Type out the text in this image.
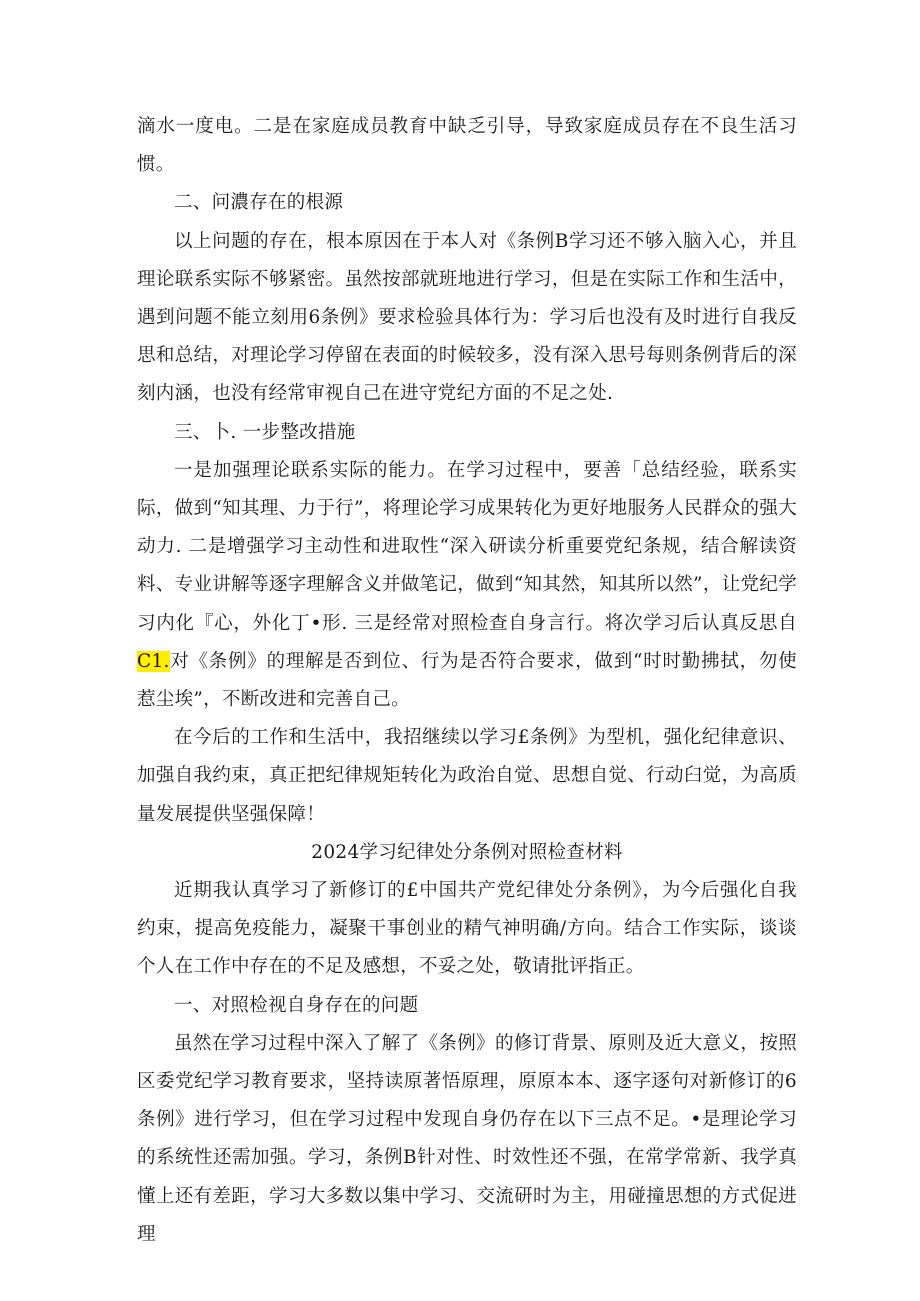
滴水一度电。二是在家庭成员教育中缺乏引导，导致家庭成员存在不良生活习惯。

二、问濃存在的根源

以上问题的存在，根本原因在于本人对《条例B学习还不够入脑入心，并且理论联系实际不够紧密。虽然按部就班地进行学习，但是在实际工作和生活中，遇到问题不能立刻用6条例》要求检验具体行为：学习后也没有及时进行自我反思和总结，对理论学习停留在表面的时候较多，没有深入思号每则条例背后的深刻内涵，也没有经常审视自己在进守党纪方面的不足之处.

三、卜. 一步整改措施

一是加强理论联系实际的能力。在学习过程中，要善「总结经验，联系实际，做到“知其理、力于行”，将理论学习成果转化为更好地服务人民群众的强大动力. 二是增强学习主动性和进取性“深入研读分析重要党纪条规，结合解读资料、专业讲解等逐字理解含义并做笔记，做到“知其然，知其所以然”，让党纪学习内化『心，外化丁•形. 三是经常对照检查自身言行。将次学习后认真反思自C1.对《条例》的理解是否到位、行为是否符合要求，做到“时时勤拂拭，勿使惹尘埃”，不断改进和完善自己。

在今后的工作和生活中，我招继续以学习£条例》为型机，强化纪律意识、加强自我约束，真正把纪律规矩转化为政治自觉、思想自觉、行动臼觉，为高质量发展提供坚强保障！

2024学习纪律处分条例对照检查材料

近期我认真学习了新修订的£中国共产党纪律处分条例》，为今后强化自我约束，提高免疫能力，凝聚干事创业的精气神明确/方向。结合工作实际，谈谈个人在工作中存在的不足及感想，不妥之处，敬请批评指正。

一、对照检视自身存在的问题

虽然在学习过程中深入了解了《条例》的修订背景、原则及近大意义，按照区委党纪学习教育要求，坚持读原著悟原理，原原本本、逐字逐句对新修订的6条例》进行学习，但在学习过程中发现自身仍存在以下三点不足。•是理论学习的系统性还需加强。学习，条例B针对性、时效性还不强，在常学常新、我学真懂上还有差距，学习大多数以集中学习、交流研时为主，用碰撞思想的方式促进理
